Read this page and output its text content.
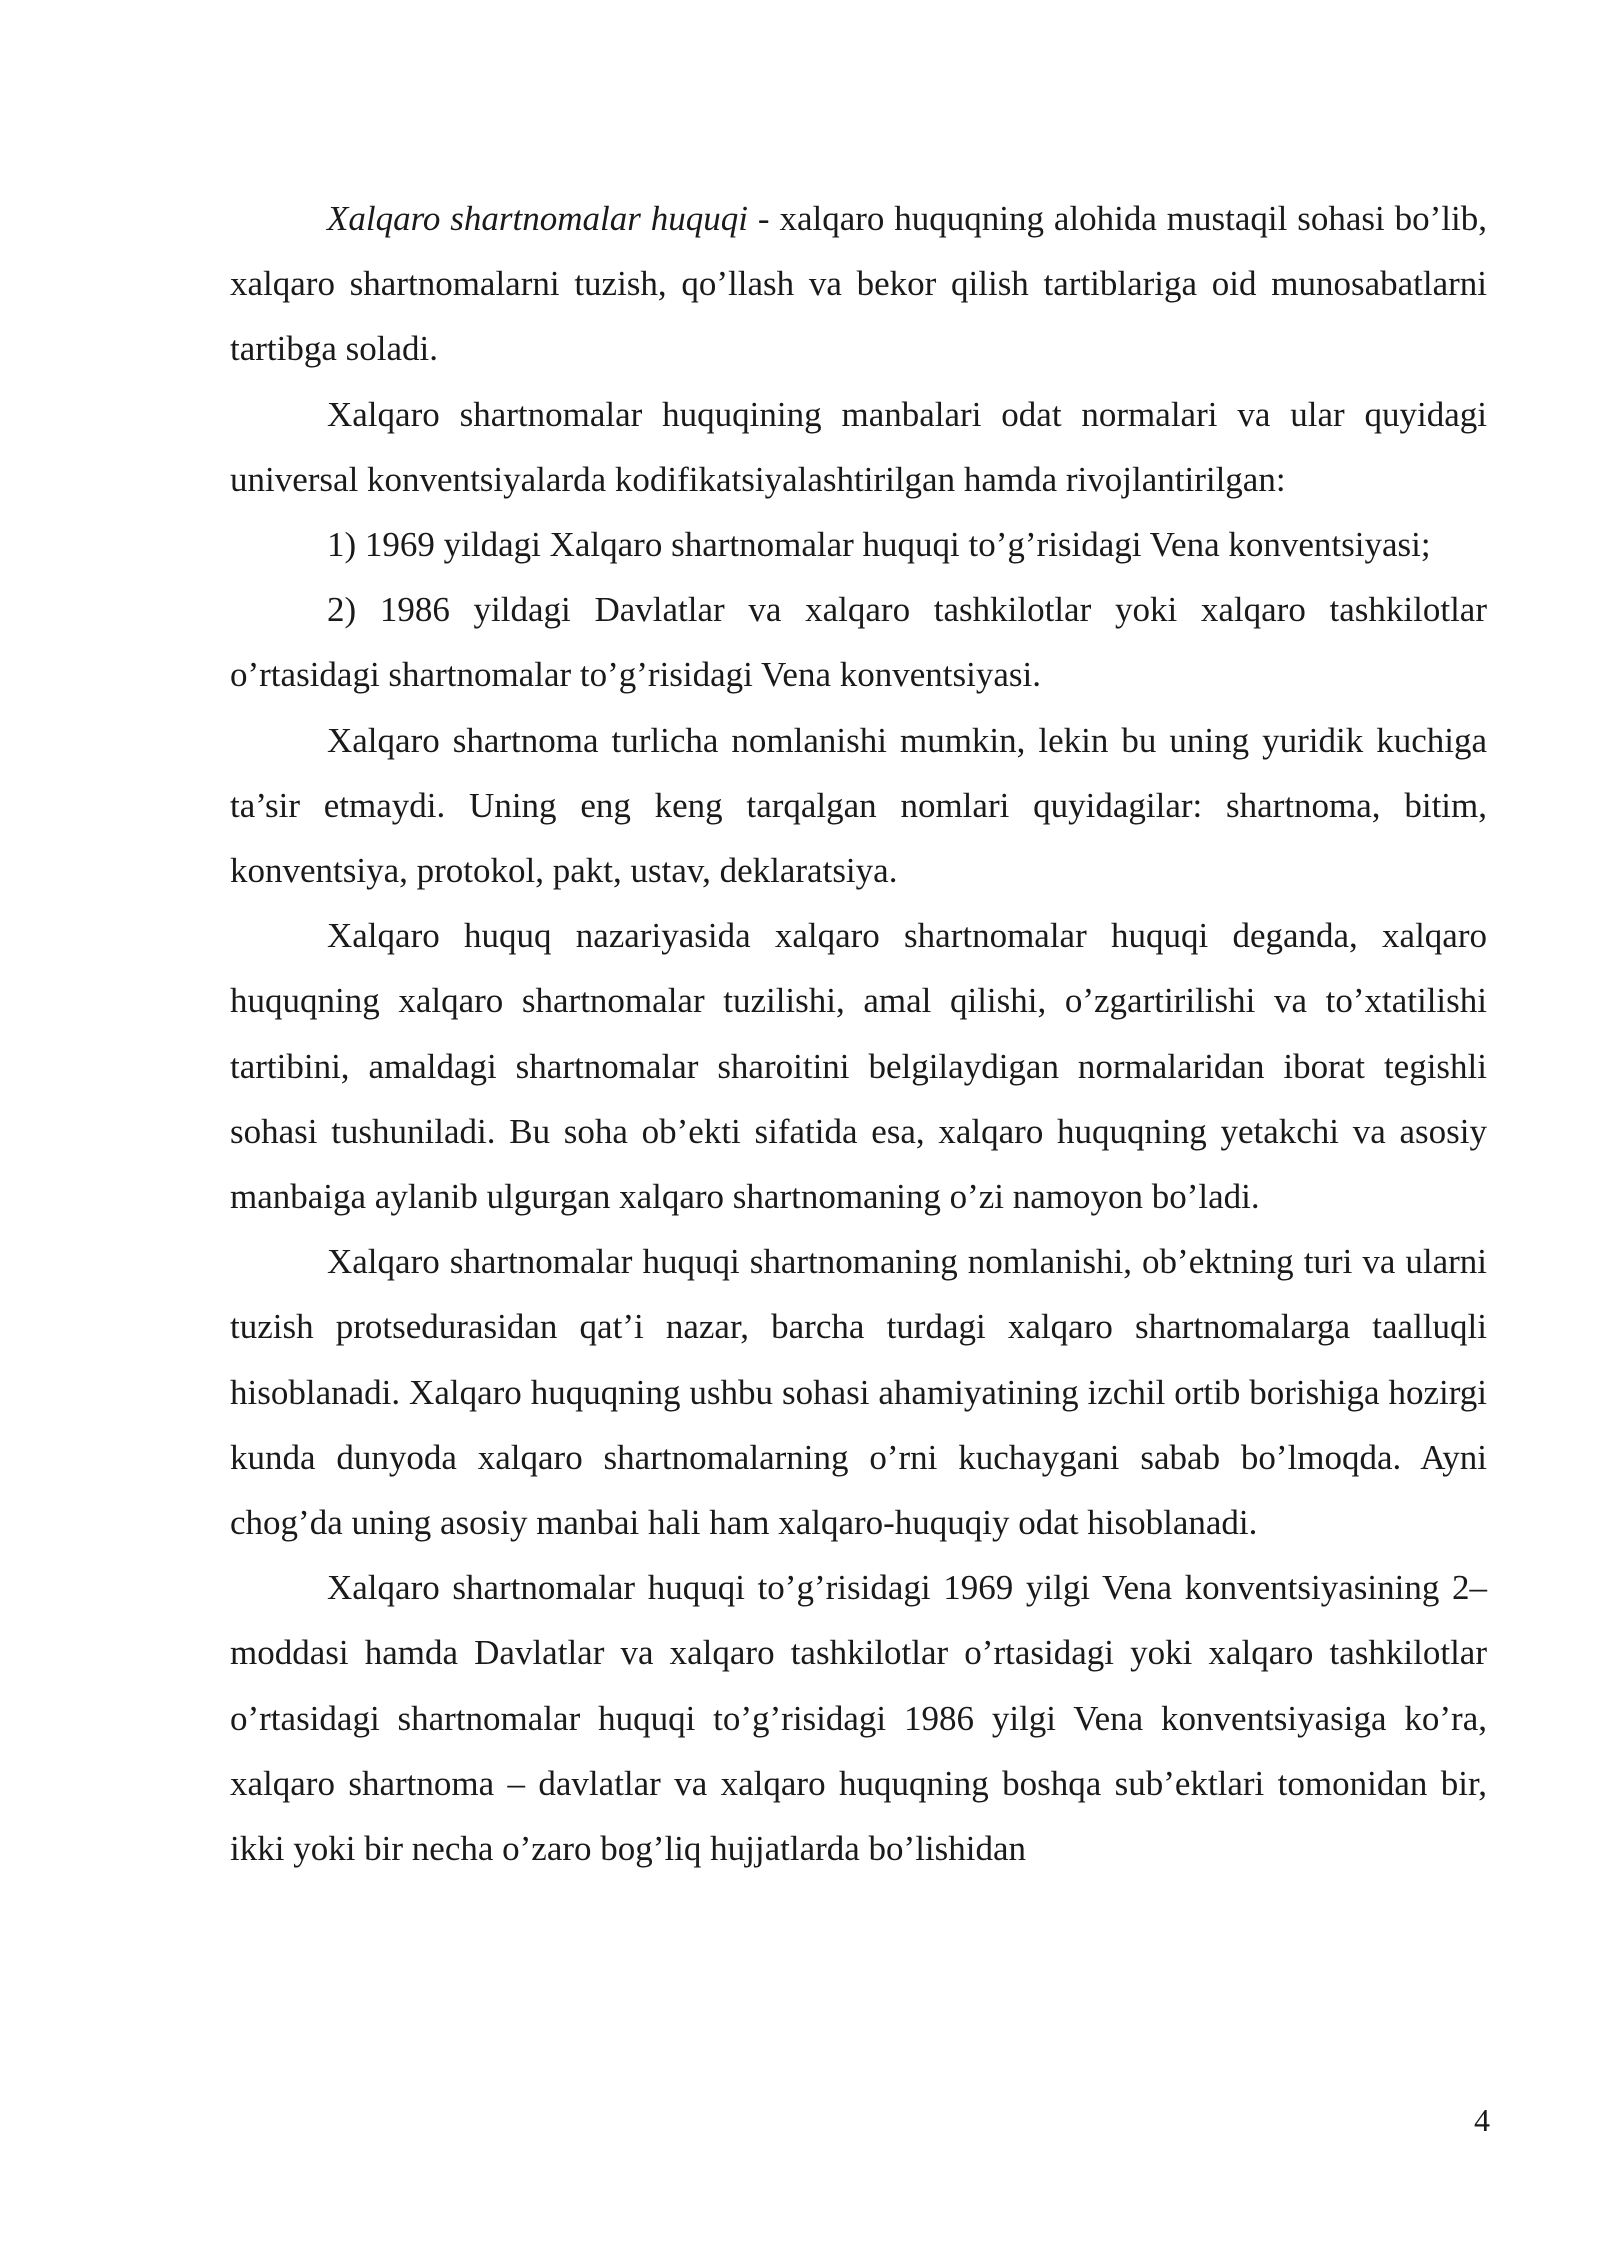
Xalqaro shartnomalar huquqi - xalqaro huquqning alohida mustaqil sohasi bo’lib, xalqaro shartnomalarni tuzish, qo’llash va bekor qilish tartiblariga oid munosabatlarni tartibga soladi.

Xalqaro shartnomalar huquqining manbalari odat normalari va ular quyidagi universal konventsiyalarda kodifikatsiyalashtirilgan hamda rivojlantirilgan:

1) 1969 yildagi Xalqaro shartnomalar huquqi to’g’risidagi Vena konventsiyasi;

2) 1986 yildagi Davlatlar va xalqaro tashkilotlar yoki xalqaro tashkilotlar o’rtasidagi shartnomalar to’g’risidagi Vena konventsiyasi.

Xalqaro shartnoma turlicha nomlanishi mumkin, lekin bu uning yuridik kuchiga ta’sir etmaydi. Uning eng keng tarqalgan nomlari quyidagilar: shartnoma, bitim, konventsiya, protokol, pakt, ustav, deklaratsiya.

Xalqaro huquq nazariyasida xalqaro shartnomalar huquqi deganda, xalqaro huquqning xalqaro shartnomalar tuzilishi, amal qilishi, o’zgartirilishi va to’xtatilishi tartibini, amaldagi shartnomalar sharoitini belgilaydigan normalaridan iborat tegishli sohasi tushuniladi. Bu soha ob’ekti sifatida esa, xalqaro huquqning yetakchi va asosiy manbaiga aylanib ulgurgan xalqaro shartnomaning o’zi namoyon bo’ladi.

Xalqaro shartnomalar huquqi shartnomaning nomlanishi, ob’ektning turi va ularni tuzish protsedurasidan qat’i nazar, barcha turdagi xalqaro shartnomalarga taalluqli hisoblanadi. Xalqaro huquqning ushbu sohasi ahamiyatining izchil ortib borishiga hozirgi kunda dunyoda xalqaro shartnomalarning o’rni kuchaygani sabab bo’lmoqda. Ayni chog’da uning asosiy manbai hali ham xalqaro-huquqiy odat hisoblanadi.

Xalqaro shartnomalar huquqi to’g’risidagi 1969 yilgi Vena konventsiyasining 2–moddasi hamda Davlatlar va xalqaro tashkilotlar o’rtasidagi yoki xalqaro tashkilotlar o’rtasidagi shartnomalar huquqi to’g’risidagi 1986 yilgi Vena konventsiyasiga ko’ra, xalqaro shartnoma – davlatlar va xalqaro huquqning boshqa sub’ektlari tomonidan bir, ikki yoki bir necha o’zaro bog’liq hujjatlarda bo’lishidan

4
